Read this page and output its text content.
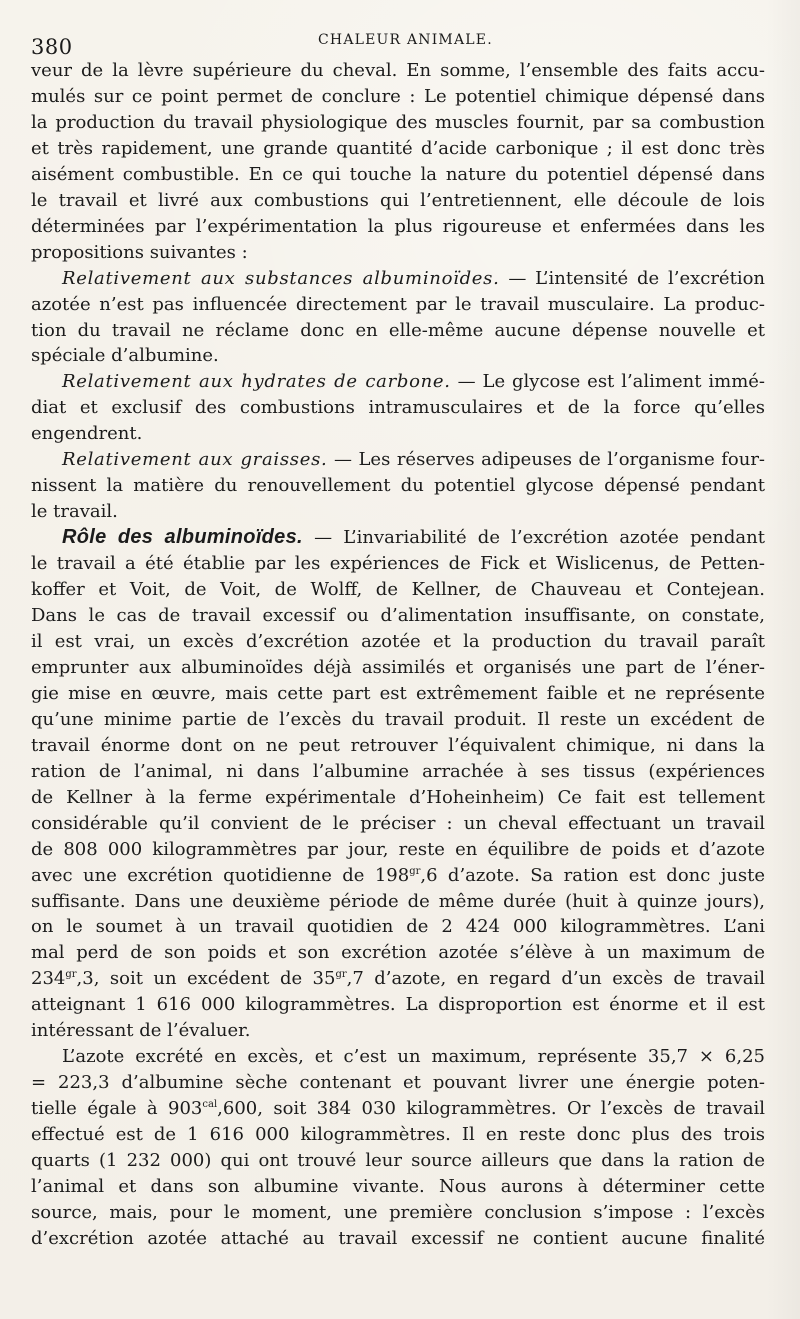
380	CHALEUR ANIMALE.
veur de la lèvre supérieure du cheval. En somme, l’ensemble des faits accu-
mulés sur ce point permet de conclure : Le potentiel chimique dépensé dans
la production du travail physiologique des muscles fournit, par sa combustion
et très rapidement, une grande quantité d’acide carbonique ; il est donc très
aisément combustible. En ce qui touche la nature du potentiel dépensé dans
le travail et livré aux combustions qui l’entretiennent, elle découle de lois
déterminées par l’expérimentation la plus rigoureuse et enfermées dans les
propositions suivantes :
Relativement aux substances albuminoïdes. — L’intensité de l’excrétion
azotée n’est pas influencée directement par le travail musculaire. La produc-
tion du travail ne réclame donc en elle-même aucune dépense nouvelle et
spéciale d’albumine.
Relativement aux hydrates de carbone. — Le glycose est l’aliment immé-
diat et exclusif des combustions intramusculaires et de la force qu’elles
engendrent.
Relativement aux graisses. — Les réserves adipeuses de l’organisme four-
nissent la matière du renouvellement du potentiel glycose dépensé pendant
le travail.
Rôle des albuminoïdes. — L’invariabilité de l’excrétion azotée pendant
le travail a été établie par les expériences de Fick et Wislicenus, de Petten-
koffer et Voit, de Voit, de Wolff, de Kellner, de Chauveau et Contejean.
Dans le cas de travail excessif ou d’alimentation insuffisante, on constate,
il est vrai, un excès d’excrétion azotée et la production du travail paraît
emprunter aux albuminoïdes déjà assimilés et organisés une part de l’éner-
gie mise en œuvre, mais cette part est extrêmement faible et ne représente
qu’une minime partie de l’excès du travail produit. Il reste un excédent de
travail énorme dont on ne peut retrouver l’équivalent chimique, ni dans la
ration de l’animal, ni dans l’albumine arrachée à ses tissus (expériences
de Kellner à la ferme expérimentale d’Hoheinheim) Ce fait est tellement
considérable qu’il convient de le préciser : un cheval effectuant un travail
de 808 000 kilogrammètres par jour, reste en équilibre de poids et d’azote
avec une excrétion quotidienne de $198^{gr},6$ d’azote. Sa ration est donc juste
suffisante. Dans une deuxième période de même durée (huit à quinze jours),
on le soumet à un travail quotidien de 2 424 000 kilogrammètres. L’ani
mal perd de son poids et son excrétion azotée s’élève à un maximum de
$234^{gr},3$, soit un excédent de $35^{gr},7$ d’azote, en regard d’un excès de travail
atteignant 1 616 000 kilogrammètres. La disproportion est énorme et il est
intéressant de l’évaluer.
L’azote excrété en excès, et c’est un maximum, représente 35,7 × 6,25
= 223,3 d’albumine sèche contenant et pouvant livrer une énergie poten-
tielle égale à $903^{cal},600$, soit 384 030 kilogrammètres. Or l’excès de travail
effectué est de 1 616 000 kilogrammètres. Il en reste donc plus des trois
quarts (1 232 000) qui ont trouvé leur source ailleurs que dans la ration de
l’animal et dans son albumine vivante. Nous aurons à déterminer cette
source, mais, pour le moment, une première conclusion s’impose : l’excès
d’excrétion azotée attaché au travail excessif ne contient aucune finalité
